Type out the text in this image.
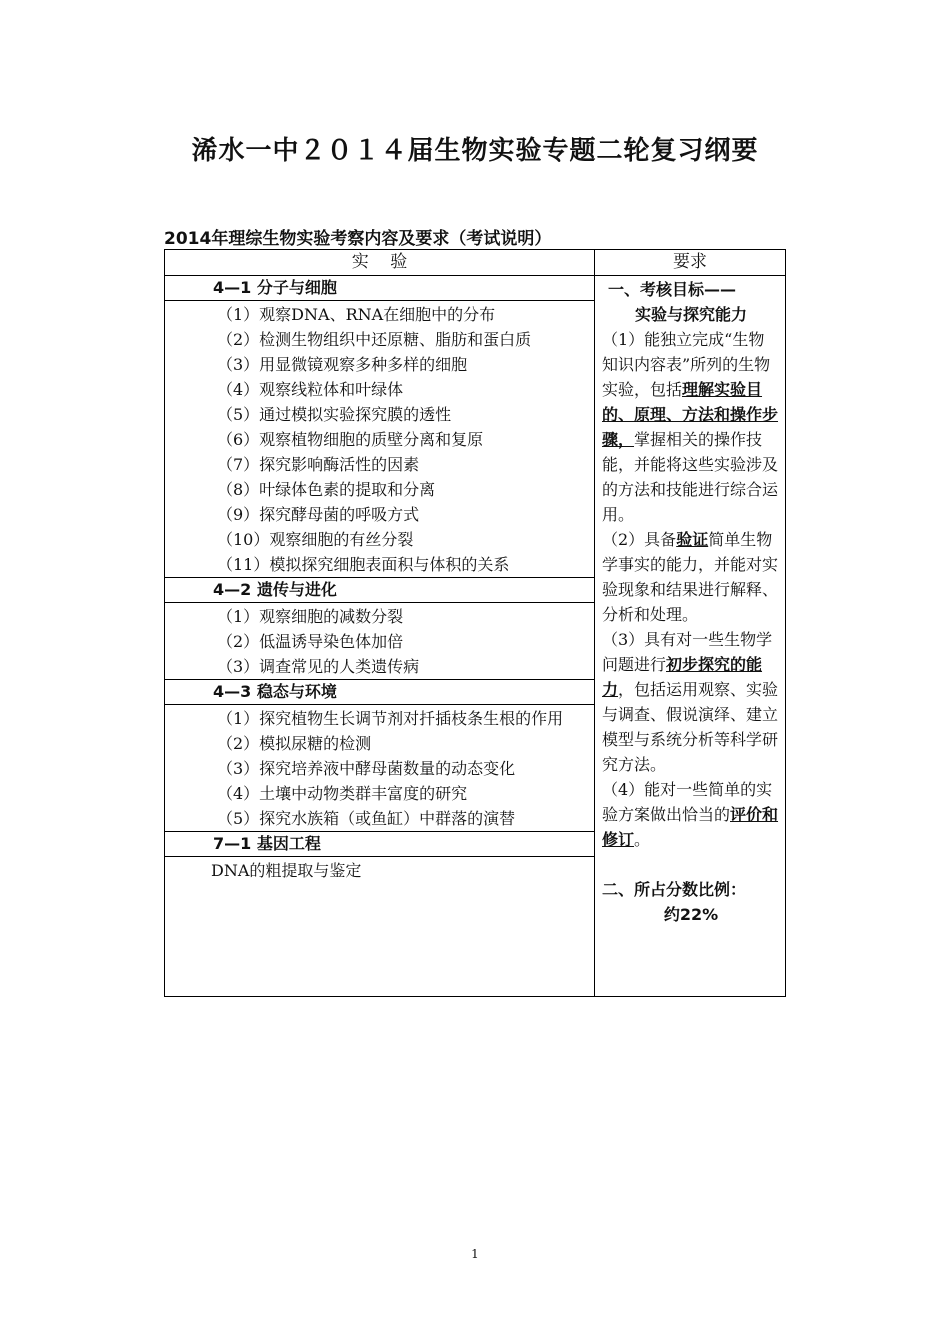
浠水一中２０１４届生物实验专题二轮复习纲要
2014年理综生物实验考察内容及要求（考试说明）
实    验
4—1 分子与细胞
（1）观察DNA、RNA在细胞中的分布
（2）检测生物组织中还原糖、脂肪和蛋白质
（3）用显微镜观察多种多样的细胞
（4）观察线粒体和叶绿体
（5）通过模拟实验探究膜的透性
（6）观察植物细胞的质壁分离和复原
（7）探究影响酶活性的因素
（8）叶绿体色素的提取和分离
（9）探究酵母菌的呼吸方式
（10）观察细胞的有丝分裂
（11）模拟探究细胞表面积与体积的关系
4—2 遗传与进化
（1）观察细胞的减数分裂
（2）低温诱导染色体加倍
（3）调查常见的人类遗传病
4—3 稳态与环境
（1）探究植物生长调节剂对扦插枝条生根的作用
（2）模拟尿糖的检测
（3）探究培养液中酵母菌数量的动态变化
（4）土壤中动物类群丰富度的研究
（5）探究水族箱（或鱼缸）中群落的演替
7—1 基因工程
DNA的粗提取与鉴定
要求
一、考核目标——
实验与探究能力
（1）能独立完成“生物知识内容表”所列的生物实验，包括理解实验目的、原理、方法和操作步骤，掌握相关的操作技能，并能将这些实验涉及的方法和技能进行综合运用。
（2）具备验证简单生物学事实的能力，并能对实验现象和结果进行解释、分析和处理。
（3）具有对一些生物学问题进行初步探究的能力，包括运用观察、实验与调查、假说演绎、建立模型与系统分析等科学研究方法。
（4）能对一些简单的实验方案做出恰当的评价和修订。
二、所占分数比例：
约22%
1
